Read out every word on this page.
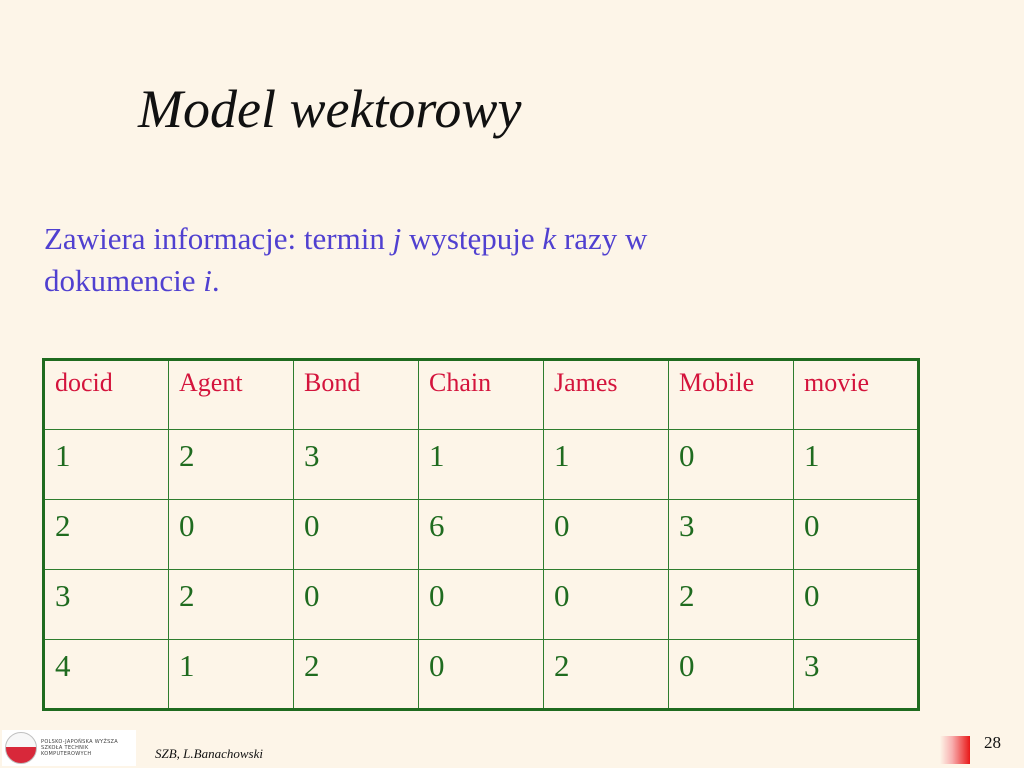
Model wektorowy
Zawiera informacje: termin j występuje k razy w dokumencie i.
docid	Agent	Bond	Chain	James	Mobile	movie
1	2	3	1	1	0	1
2	0	0	6	0	3	0
3	2	0	0	0	2	0
4	1	2	0	2	0	3
POLSKO-JAPOŃSKA WYŻSZA
SZKOŁA TECHNIK KOMPUTEROWYCH	SZB, L.Banachowski
28
